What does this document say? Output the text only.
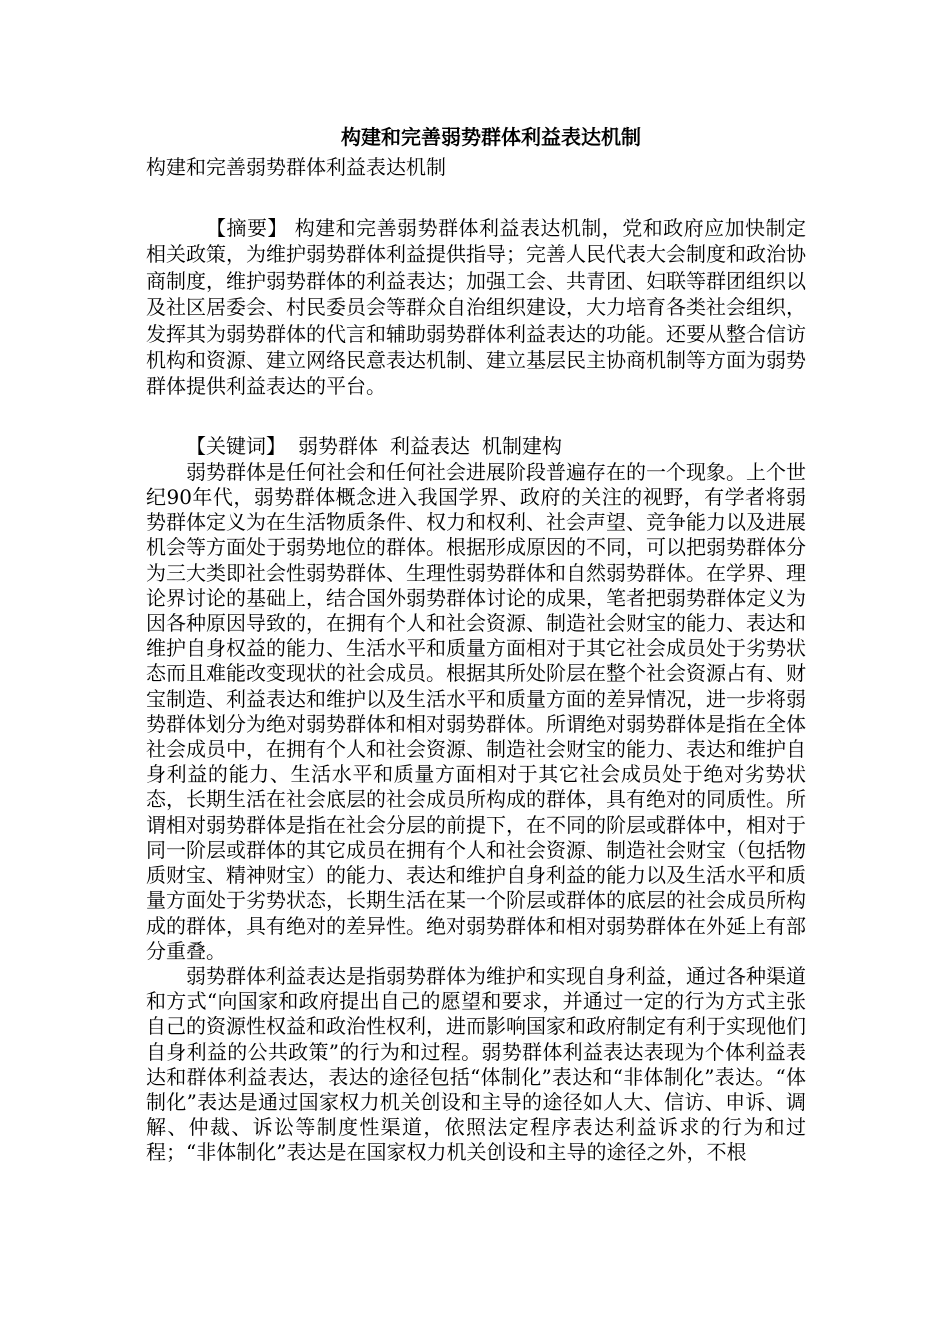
构建和完善弱势群体利益表达机制

构建和完善弱势群体利益表达机制

【摘要】 构建和完善弱势群体利益表达机制，党和政府应加快制定相关政策，为维护弱势群体利益提供指导；完善人民代表大会制度和政治协商制度，维护弱势群体的利益表达；加强工会、共青团、妇联等群团组织以及社区居委会、村民委员会等群众自治组织建设，大力培育各类社会组织，发挥其为弱势群体的代言和辅助弱势群体利益表达的功能。还要从整合信访机构和资源、建立网络民意表达机制、建立基层民主协商机制等方面为弱势群体提供利益表达的平台。

【关键词】 弱势群体 利益表达 机制建构

弱势群体是任何社会和任何社会进展阶段普遍存在的一个现象。上个世纪90年代，弱势群体概念进入我国学界、政府的关注的视野，有学者将弱势群体定义为在生活物质条件、权力和权利、社会声望、竞争能力以及进展机会等方面处于弱势地位的群体。根据形成原因的不同，可以把弱势群体分为三大类即社会性弱势群体、生理性弱势群体和自然弱势群体。在学界、理论界讨论的基础上，结合国外弱势群体讨论的成果，笔者把弱势群体定义为因各种原因导致的，在拥有个人和社会资源、制造社会财宝的能力、表达和维护自身权益的能力、生活水平和质量方面相对于其它社会成员处于劣势状态而且难能改变现状的社会成员。根据其所处阶层在整个社会资源占有、财宝制造、利益表达和维护以及生活水平和质量方面的差异情况，进一步将弱势群体划分为绝对弱势群体和相对弱势群体。所谓绝对弱势群体是指在全体社会成员中，在拥有个人和社会资源、制造社会财宝的能力、表达和维护自身利益的能力、生活水平和质量方面相对于其它社会成员处于绝对劣势状态，长期生活在社会底层的社会成员所构成的群体，具有绝对的同质性。所谓相对弱势群体是指在社会分层的前提下，在不同的阶层或群体中，相对于同一阶层或群体的其它成员在拥有个人和社会资源、制造社会财宝（包括物质财宝、精神财宝）的能力、表达和维护自身利益的能力以及生活水平和质量方面处于劣势状态，长期生活在某一个阶层或群体的底层的社会成员所构成的群体，具有绝对的差异性。绝对弱势群体和相对弱势群体在外延上有部分重叠。

弱势群体利益表达是指弱势群体为维护和实现自身利益，通过各种渠道和方式“向国家和政府提出自己的愿望和要求，并通过一定的行为方式主张自己的资源性权益和政治性权利，进而影响国家和政府制定有利于实现他们自身利益的公共政策”的行为和过程。弱势群体利益表达表现为个体利益表达和群体利益表达，表达的途径包括“体制化”表达和“非体制化”表达。“体制化”表达是通过国家权力机关创设和主导的途径如人大、信访、申诉、调解、仲裁、诉讼等制度性渠道，依照法定程序表达利益诉求的行为和过程；“非体制化”表达是在国家权力机关创设和主导的途径之外，不根
